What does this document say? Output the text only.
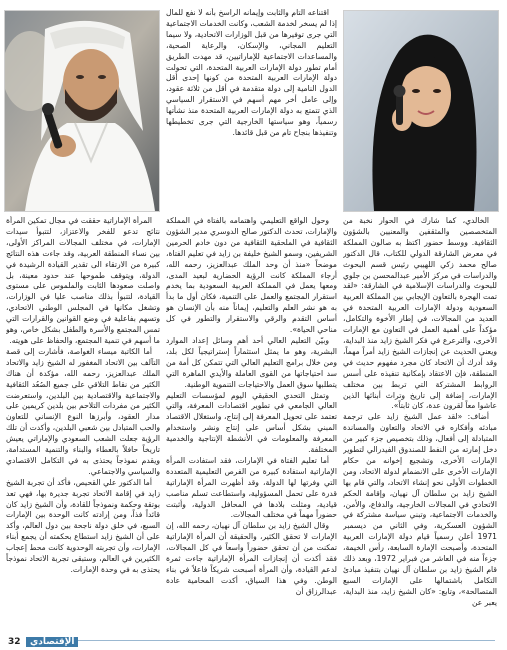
اقتناعه التام والثابت وإيمانه الراسخ بأنه لا نفع للمال إذا لم يسخر لخدمة الشعب، وكانت الخدمات الاجتماعية التي جرى توفيرها من قبل الوزارات الاتحادية، ولا سيما التعليم المجاني، والإسكان، والرعاية الصحية، والمساعدات الاجتماعية للإماراتيين، قد مهدت الطريق أمام تطور دولة الإمارات العربية المتحدة، التي تحولت دولة الإمارات العربية المتحدة من كونها إحدى أقل الدول النامية إلى دولة متقدمة في أقل من ثلاثة عقود، وإلى عامل أخر مهم أسهم في الاستقرار السياسي الذي تتمتع به دولة الإمارات العربية المتحدة منذ نشأتها رسمياً، وهو سياستها الخارجية التي جرى تخطيطها وتنفيذها بنجاح تام من قبل قائدها.

الخالدي، كما شارك في الحوار نخبة من المتخصصين والمثقفين والمعنيين بالشؤون الثقافية. ووسط حضور اكتظ به صالون المملكة في معرض الشارقة الدولي للكتاب، قال الدكتور صالح محمد زكي اللهيبي رئيس قسم البحوث والدراسات في مركز الأمير عبدالمحسن بن جلوي للبحوث والدراسات الإسلامية في الشارقة: «لقد تمت الهجرة بالتعاون الإيجابي بين المملكة العربية السعودية ودولة الإمارات العربية المتحدة في العديد من المجالات، في إطار الأخوة والتكامل، مؤكداً على أهمية العمل في التعاون مع الإمارات الأخرى، والترعرع في فكر الشيخ زايد منذ البداية، ويعني الحديث عن إنجازات الشيخ زايد أمراً مهماً، وقد أدرك أن الاتحاد كان مجرد مفهوم حديث في المنطقة، فإن الاعتقاد بإمكانية تنفيذه على أسس الروابط المشتركة التي تربط بين مختلف الإمارات، إضافة إلى تاريخ وتراث أبنائها الذين عاشوا معاً لقرون عدة، كان ثابتاً».

أضاف: «لقد عمل الشيخ زايد على ترجمة مبادئه وأفكاره في الاتحاد والتعاون والمساندة المتبادلة إلى أفعال، وذلك بتخصيص جزء كبير من دخل إمارته من النفط للصندوق الفيدرالي لتطوير الإمارات الأخرى، وتشجيع إخوانه من حكام الإمارات الأخرى على الانضمام لدولة الاتحاد، ومن الخطوات الأولى نحو إنشاء الاتحاد، والتي قام بها الشيخ زايد بن سلطان آل نهيان، وإقامة الحكم الاتحادي في المجالات الخارجية، والدفاع، والأمن، والخدمات الاجتماعية، وتبني سياسة مشتركة في الشؤون العسكرية، وفي الثاني من ديسمبر 1971 أعلن رسمياً قيام دولة الإمارات العربية المتحدة، وأصبحت الإمارة السابعة، رأس الخيمة، جزءاً منه في العاشر من فبراير 1972، وبعد ذلك قام الشيخ زايد بن سلطان آل نهيان بتنفيذ مبادئ التكامل باشتمالها على الإمارات السبع المتصالحة»، وتابع: «كان الشيخ زايد، منذ البداية، يعبر عن

وحول الواقع التعليمي واهتمامه بالفتاة في المملكة والإمارات، تحدث الدكتور صالح الدوسري مدير الشؤون الثقافية في الملحقية الثقافية من دون خادم الحرمين الشريفين، وسمو الشيخ خليفة بن زايد في تعليم الفتاة، موضحاً «منذ أن وحد الملك عبدالعزيز، رحمه الله، أرجاء المملكة كانت الرؤية الحضارية لبعيد المدى، ومعها يعمل في المملكة العربية السعودية بما يخدم استقرار المجتمع والعمل على التنمية، فكان أول ما بدأ به هو نشر العلم والتعليم، إيماناً منه بأن الإنسان هو أساس التقدم والرقي والاستقرار والتطور في كل مناحي الحياة».

وبيّن التعليم العالي أحد أهم وسائل إعداد الموارد البشرية، وهو ما يمثل استثماراً إستراتيجياً لكل بلد، ومن خلال برامج التعليم العالي التي تتمكن كل أمة من سد احتياجاتها من القوى العاملة والأيدي الماهرة التي يتطلبها سوق العمل والاحتياجات التنموية الوطنية.

وتمثل التحدي الحقيقي اليوم لمؤسسات التعليم العالي الجامعي في تطوير اقتصادات المعرفة، والتي تعتمد على تحويل المعرفة إلى إنتاج، واستغلال الاقتصاد المبني بشكل أساس على إنتاج ونشر واستخدام المعرفة والمعلومات في الأنشطة الإنتاجية والخدمية المختلفة.

أما تعليم الفتاة في الإمارات، فقد استفادت المرأة الإماراتية استفادة كبيرة من الفرص التعليمية المتعددة التي وفرتها لها الدولة، وقد أظهرت المرأة الإماراتية قدرة على تحمل المسؤولية، واستطاعت تسلم مناصب قيادية، ومثلت بلادها في المحافل الدولية، وأثبتت حضوراً مهماً في مختلف المجالات.

وقال الشيخ زايد بن سلطان آل نهيان، رحمه الله، إن الإمارات لا تحقق الكثير، والحقيقة أن المرأة الإماراتية تمكنت من أن تحقق حضوراً واسعاً في كل المجالات، فقد أكدت أن إنجازات المرأة الإماراتية جاءت ثمرة لدعم القيادة، وأن المرأة أصبحت شريكاً فاعلاً في بناء الوطن. وفي هذا السياق، أكدت المحامية عادة عبدالرزاق أن

المرأة الإماراتية حققت في مجال تمكين المرأة نتائج تدعو للفخر والاعتزاز، لتتبوأ سيدات الإمارات، في مختلف المجالات المراكز الأولى، بين نساء المنطقة العربية، وقد جاءت هذه النتائج كبيرة من الارتقاء الى تقدير القيادة الرشيدة في الدولة، ويتوقف طموحها عند حدود معينة، بل واصلت صعودها الثابت والملموس على مستوى القيادة، لتتبوأ بذلك مناصب عليا في الوزارات، وتشغل مكانها في المجلس الوطني الاتحادي، وتسهم بفاعلية في وضع القوانين والقرارات التي تمس المجتمع والأسرة والطفل بشكل خاص، وهو ما أسهم في تنمية المجتمع، والحفاظ على هويته.

أما الكاتبة ميساء الغواصة، فأشارت إلى قصة التآلف بين الاتحاد المغفور له الشيخ زايد والاتحاد الملك عبدالعزيز، رحمه الله، مؤكدة أن هناك الكثير من نقاط التلاقي على جميع الصُعُد الثقافية والاجتماعية والاقتصادية بين البلدين، واستعرضت الكثير من مفردات التلاحم بين بلدين كريمين على مدار العقود، وأبرزها النوع الإنساني للتعاون والحب المتبادل بين شعبي البلدين، وأكدت أن تلك الرؤية جعلت الشعب السعودي والإماراتي يعيش تاريخاً حافلاً بالعطاء والبناء والتنمية المستدامة، ويقدم نموذجاً يحتذى به في التكامل الاقتصادي والسياسي والاجتماعي.

أما الدكتور علي القحيص، فأكد أن تجربة الشيخ زايد في إقامة الاتحاد تجربة جديرة بها، فهي تعد بوتقة وحكمة ونموذجاً للقادة، وأن الشيخ زايد كان قائداً فذاً، ومن إرادته كانت الوحدة بين الإمارات السبع، في خلق دولة ناجحة بين دول العالم، وأكد على أن الشيخ زايد استطاع بحكمته أن يجمع أبناء الإمارات، وأن تجربته الوحدوية كانت محط إعجاب الكثيرين في العالم، وستبقى تجربة الاتحاد نموذجاً يحتذى به في وحدة الإمارات.

32	الإقتصادي
